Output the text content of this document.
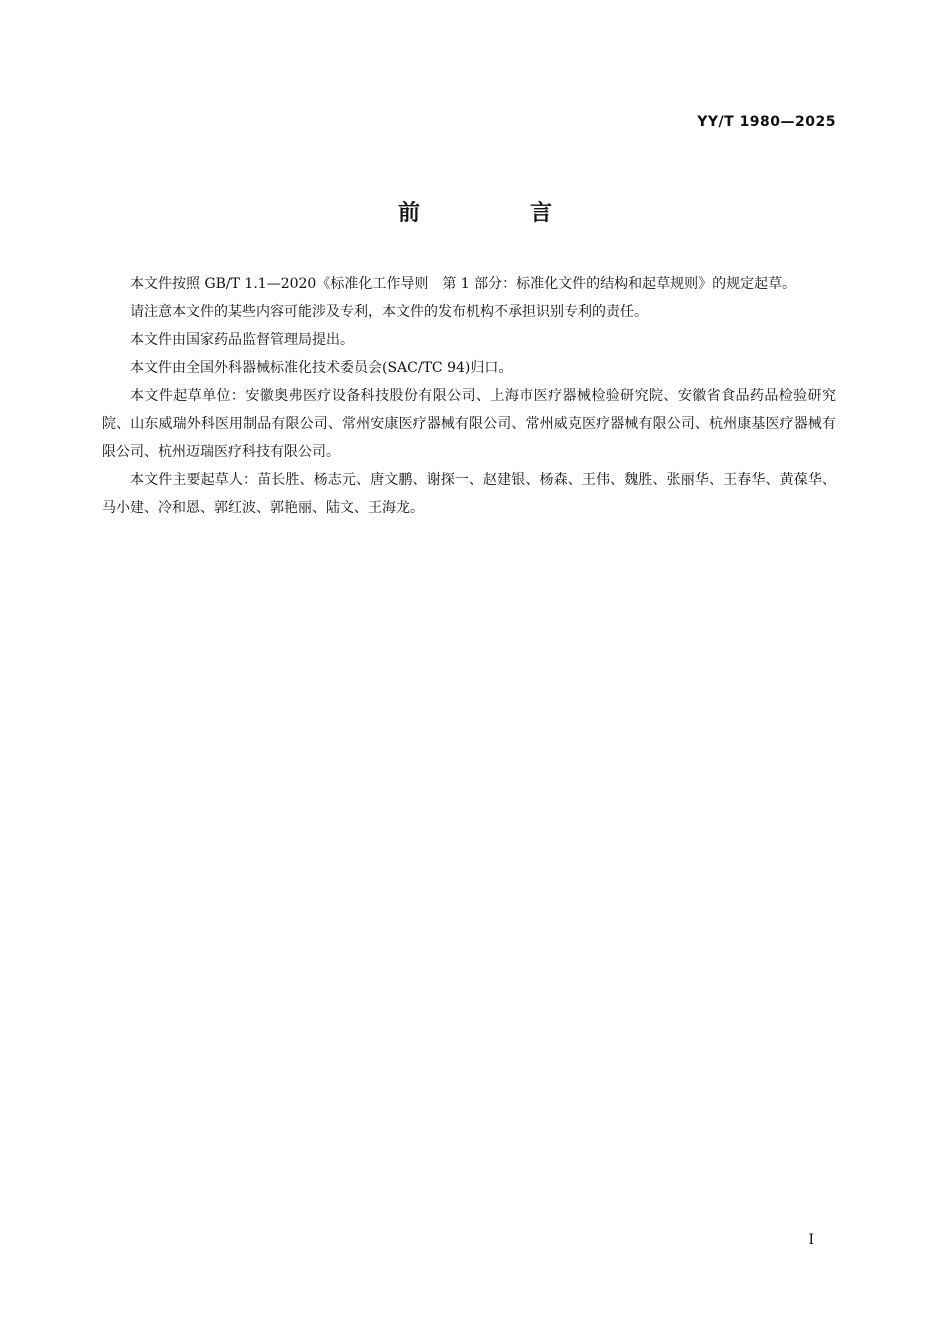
YY/T 1980—2025
前　言

本文件按照 GB/T 1.1—2020《标准化工作导则　第 1 部分：标准化文件的结构和起草规则》的规定起草。

请注意本文件的某些内容可能涉及专利，本文件的发布机构不承担识别专利的责任。

本文件由国家药品监督管理局提出。

本文件由全国外科器械标准化技术委员会(SAC/TC 94)归口。

本文件起草单位：安徽奥弗医疗设备科技股份有限公司、上海市医疗器械检验研究院、安徽省食品药品检验研究院、山东威瑞外科医用制品有限公司、常州安康医疗器械有限公司、常州威克医疗器械有限公司、杭州康基医疗器械有限公司、杭州迈瑞医疗科技有限公司。

本文件主要起草人：苗长胜、杨志元、唐文鹏、谢探一、赵建银、杨森、王伟、魏胜、张丽华、王春华、黄葆华、马小建、冷和恩、郭红波、郭艳丽、陆文、王海龙。

I
